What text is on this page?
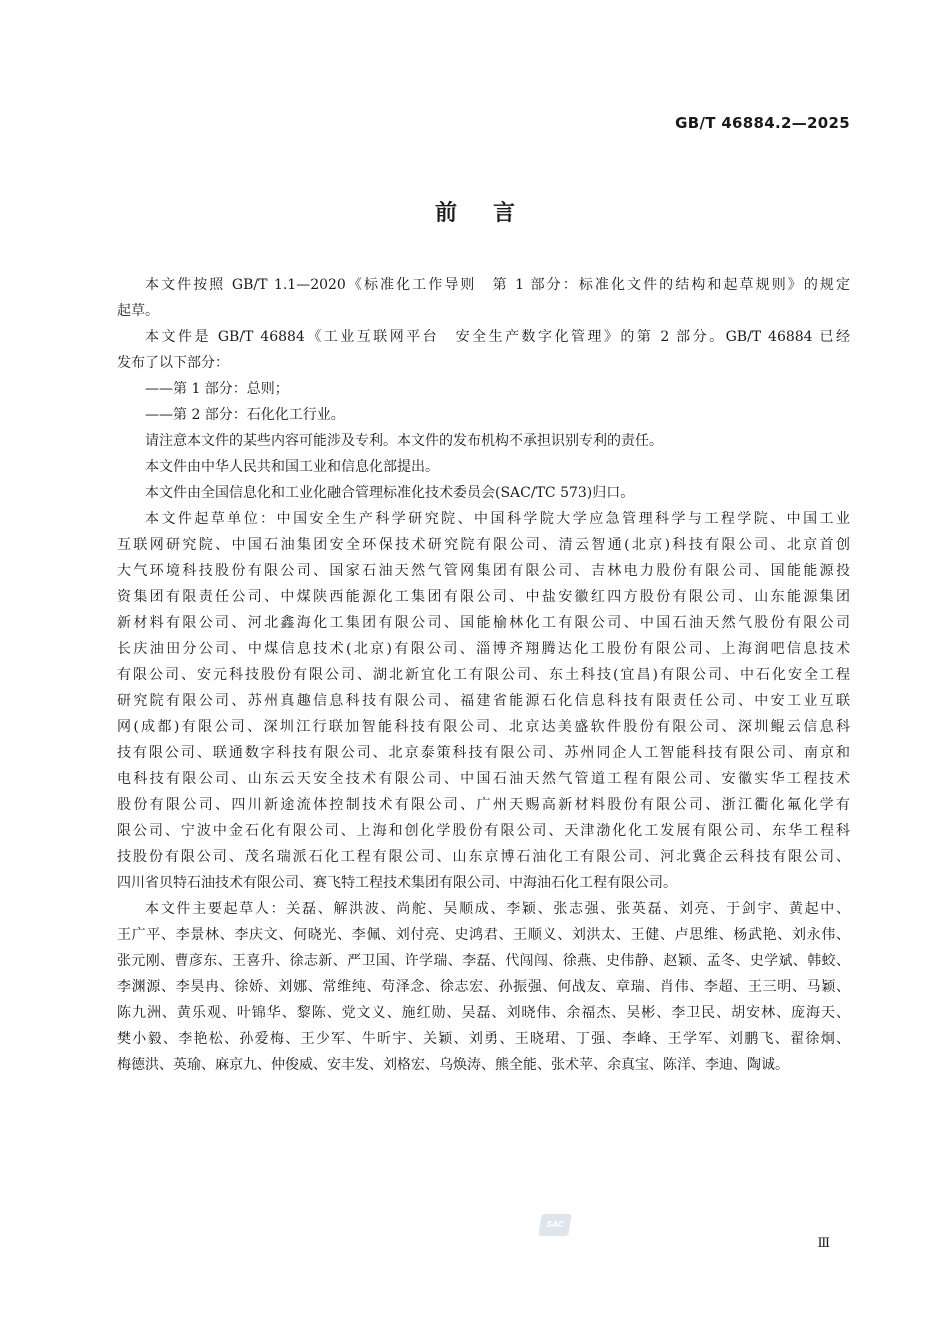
GB/T 46884.2—2025
前言
本文件按照 GB/T 1.1—2020《标准化工作导则　第 1 部分：标准化文件的结构和起草规则》的规定
起草。
本文件是 GB/T 46884《工业互联网平台　安全生产数字化管理》的第 2 部分。GB/T 46884 已经
发布了以下部分：
——第 1 部分：总则；
——第 2 部分：石化化工行业。
请注意本文件的某些内容可能涉及专利。本文件的发布机构不承担识别专利的责任。
本文件由中华人民共和国工业和信息化部提出。
本文件由全国信息化和工业化融合管理标准化技术委员会(SAC/TC 573)归口。
本文件起草单位：中国安全生产科学研究院、中国科学院大学应急管理科学与工程学院、中国工业
互联网研究院、中国石油集团安全环保技术研究院有限公司、清云智通(北京)科技有限公司、北京首创
大气环境科技股份有限公司、国家石油天然气管网集团有限公司、吉林电力股份有限公司、国能能源投
资集团有限责任公司、中煤陕西能源化工集团有限公司、中盐安徽红四方股份有限公司、山东能源集团
新材料有限公司、河北鑫海化工集团有限公司、国能榆林化工有限公司、中国石油天然气股份有限公司
长庆油田分公司、中煤信息技术(北京)有限公司、淄博齐翔腾达化工股份有限公司、上海润吧信息技术
有限公司、安元科技股份有限公司、湖北新宜化工有限公司、东土科技(宜昌)有限公司、中石化安全工程
研究院有限公司、苏州真趣信息科技有限公司、福建省能源石化信息科技有限责任公司、中安工业互联
网(成都)有限公司、深圳江行联加智能科技有限公司、北京达美盛软件股份有限公司、深圳鲲云信息科
技有限公司、联通数字科技有限公司、北京泰策科技有限公司、苏州同企人工智能科技有限公司、南京和
电科技有限公司、山东云天安全技术有限公司、中国石油天然气管道工程有限公司、安徽实华工程技术
股份有限公司、四川新途流体控制技术有限公司、广州天赐高新材料股份有限公司、浙江衢化氟化学有
限公司、宁波中金石化有限公司、上海和创化学股份有限公司、天津渤化化工发展有限公司、东华工程科
技股份有限公司、茂名瑞派石化工程有限公司、山东京博石油化工有限公司、河北冀企云科技有限公司、
四川省贝特石油技术有限公司、赛飞特工程技术集团有限公司、中海油石化工程有限公司。
本文件主要起草人：关磊、解洪波、尚舵、吴顺成、李颖、张志强、张英磊、刘亮、于剑宇、黄起中、
王广平、李景林、李庆文、何晓光、李佩、刘付亮、史鸿君、王顺义、刘洪太、王健、卢思维、杨武艳、刘永伟、
张元刚、曹彦东、王喜升、徐志新、严卫国、许学瑞、李磊、代闯闯、徐燕、史伟静、赵颖、孟冬、史学斌、韩蛟、
李渊源、李昊冉、徐娇、刘娜、常维纯、苟泽念、徐志宏、孙振强、何战友、章瑞、肖伟、李超、王三明、马颖、
陈九洲、黄乐观、叶锦华、黎陈、党文义、施红勋、吴磊、刘晓伟、余福杰、吴彬、李卫民、胡安林、庞海天、
樊小毅、李艳松、孙爱梅、王少军、牛昕宇、关颖、刘勇、王晓珺、丁强、李峰、王学军、刘鹏飞、翟徐炯、
梅德洪、英瑜、麻京九、仲俊威、安丰发、刘格宏、乌焕涛、熊全能、张术苹、余真宝、陈洋、李迪、陶诚。
SAC
Ⅲ
